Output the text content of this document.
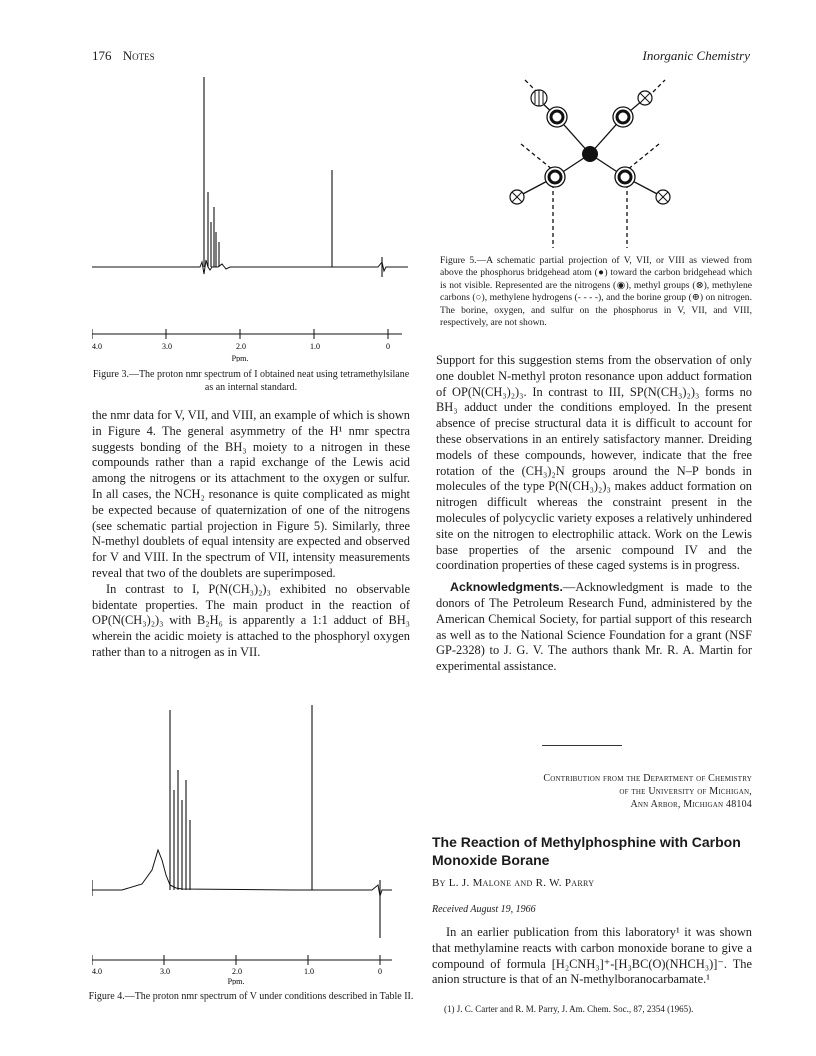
176 Notes	Inorganic Chemistry
4.0	3.0	2.0	1.0	0
Ppm.
Figure 3.—The proton nmr spectrum of I obtained neat using tetramethylsilane as an internal standard.

the nmr data for V, VII, and VIII, an example of which is shown in Figure 4. The general asymmetry of the H¹ nmr spectra suggests bonding of the BH₃ moiety to a nitrogen in these compounds rather than a rapid exchange of the Lewis acid among the nitrogens or its attachment to the oxygen or sulfur. In all cases, the NCH₂ resonance is quite complicated as might be expected because of quaternization of one of the nitrogens (see schematic partial projection in Figure 5). Similarly, three N-methyl doublets of equal intensity are expected and observed for V and VIII. In the spectrum of VII, intensity measurements reveal that two of the doublets are superimposed.

In contrast to I, P(N(CH₃)₂)₃ exhibited no observable bidentate properties. The main product in the reaction of OP(N(CH₃)₂)₃ with B₂H₆ is apparently a 1:1 adduct of BH₃ wherein the acidic moiety is attached to the phosphoryl oxygen rather than to a nitrogen as in VII.

4.0	3.0	2.0	1.0	0
Ppm.
Figure 4.—The proton nmr spectrum of V under conditions described in Table II.
Figure 5.—A schematic partial projection of V, VII, or VIII as viewed from above the phosphorus bridgehead atom (●) toward the carbon bridgehead which is not visible. Represented are the nitrogens (◉), methyl groups (⊗), methylene carbons (○), methylene hydrogens (- - - -), and the borine group (⊕) on nitrogen. The borine, oxygen, and sulfur on the phosphorus in V, VII, and VIII, respectively, are not shown.

Support for this suggestion stems from the observation of only one doublet N-methyl proton resonance upon adduct formation of OP(N(CH₃)₂)₃. In contrast to III, SP(N(CH₃)₂)₃ forms no BH₃ adduct under the conditions employed. In the present absence of precise structural data it is difficult to account for these observations in an entirely satisfactory manner. Dreiding models of these compounds, however, indicate that the free rotation of the (CH₃)₂N groups around the N–P bonds in molecules of the type P(N(CH₃)₂)₃ makes adduct formation on nitrogen difficult whereas the constraint present in the molecules of polycyclic variety exposes a relatively unhindered site on the nitrogen to electrophilic attack. Work on the Lewis base properties of the arsenic compound IV and the coordination properties of these caged systems is in progress.

Acknowledgments.—Acknowledgment is made to the donors of The Petroleum Research Fund, administered by the American Chemical Society, for partial support of this research as well as to the National Science Foundation for a grant (NSF GP-2328) to J. G. V. The authors thank Mr. R. A. Martin for experimental assistance.

Contribution from the Department of Chemistry
of the University of Michigan,
Ann Arbor, Michigan 48104
The Reaction of Methylphosphine with Carbon Monoxide Borane
By L. J. Malone and R. W. Parry
Received August 19, 1966
In an earlier publication from this laboratory¹ it was shown that methylamine reacts with carbon monoxide borane to give a compound of formula [H₂CNH₃]⁺-[H₃BC(O)(NHCH₃)]⁻. The anion structure is that of an N-methylboranocarbamate.¹
(1) J. C. Carter and R. M. Parry, J. Am. Chem. Soc., 87, 2354 (1965).
